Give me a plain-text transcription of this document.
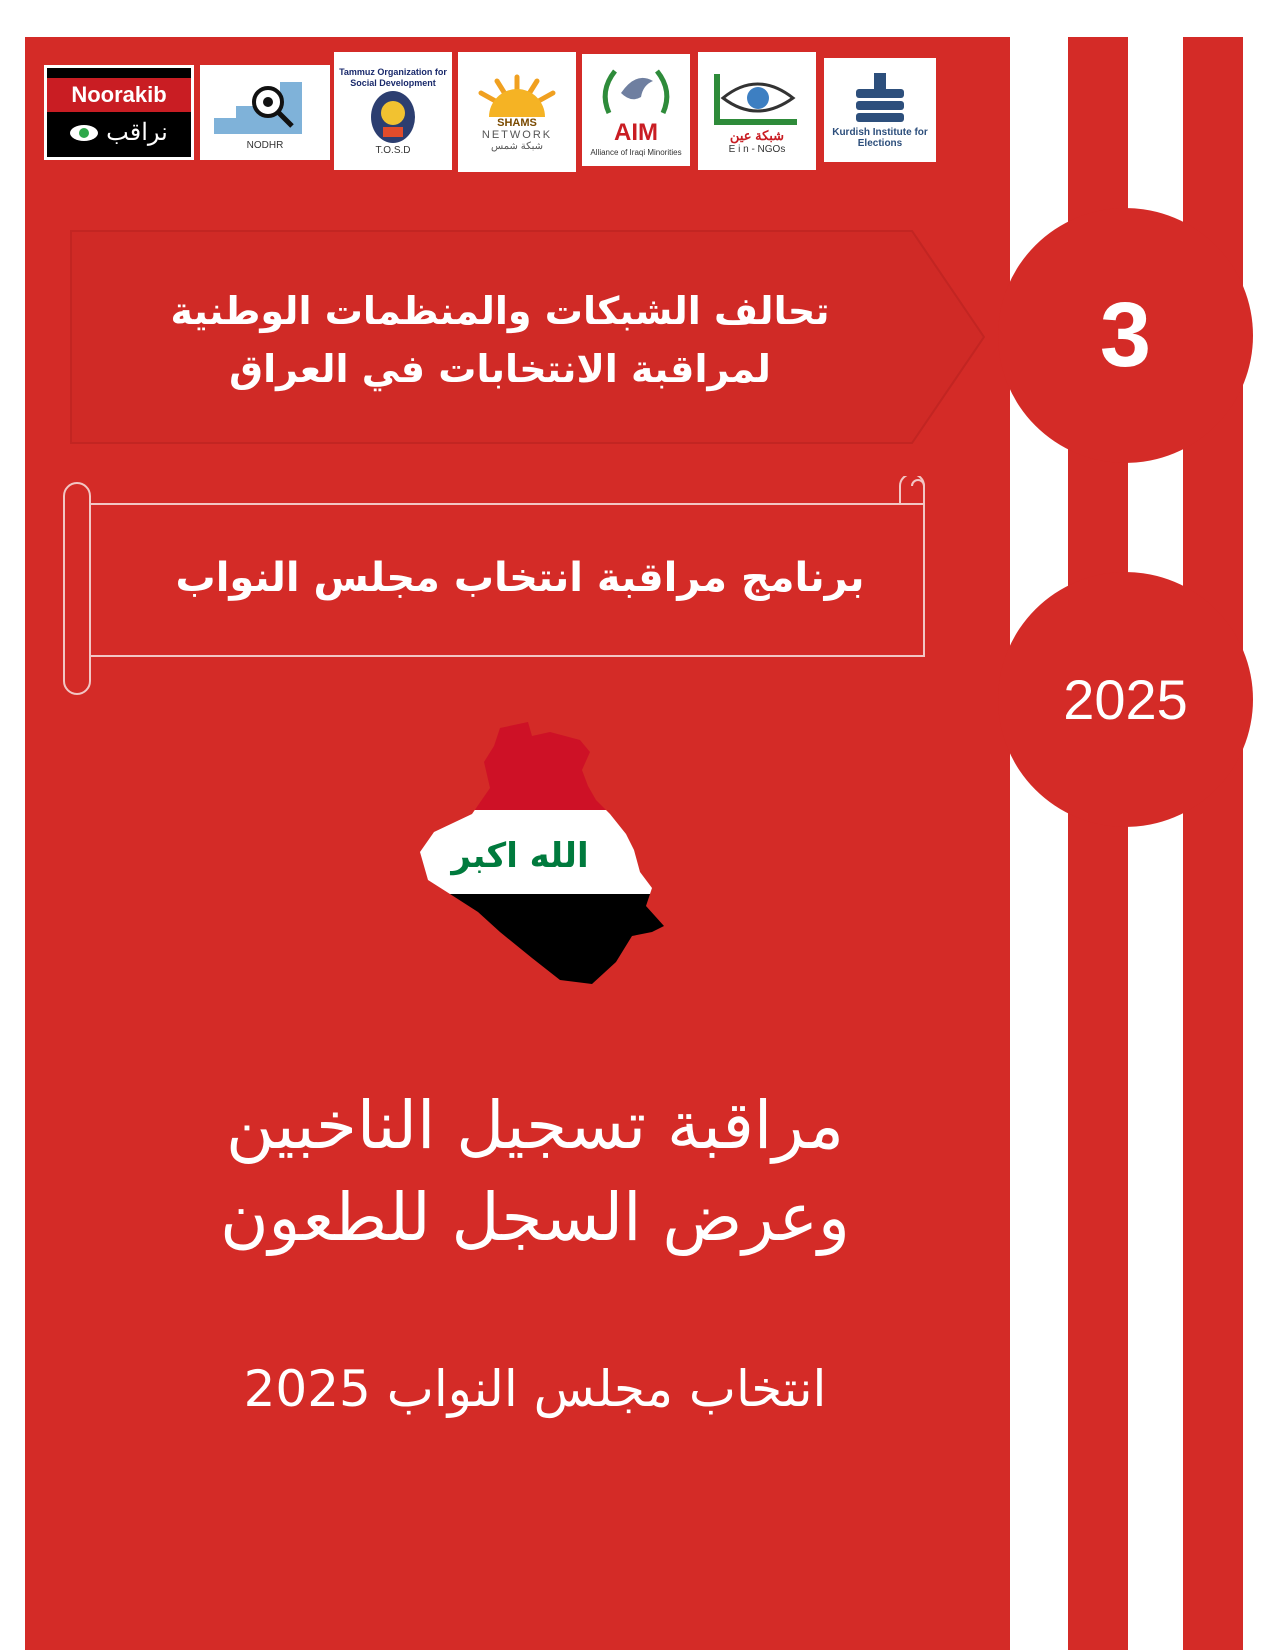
3
2025
Noorakib
نراقب	NODHR
Tammuz Organization for Social Development
T.O.S.D
SHAMS
NETWORK
شبكة شمس
AIM
Alliance of Iraqi Minorities
شبكة عين
E i n - NGOs
Kurdish Institute for Elections
تحالف الشبكات والمنظمات الوطنية
لمراقبة الانتخابات في العراق
برنامج مراقبة انتخاب مجلس النواب
الله اكبر
مراقبة تسجيل الناخبين
وعرض السجل للطعون
انتخاب مجلس النواب 2025
